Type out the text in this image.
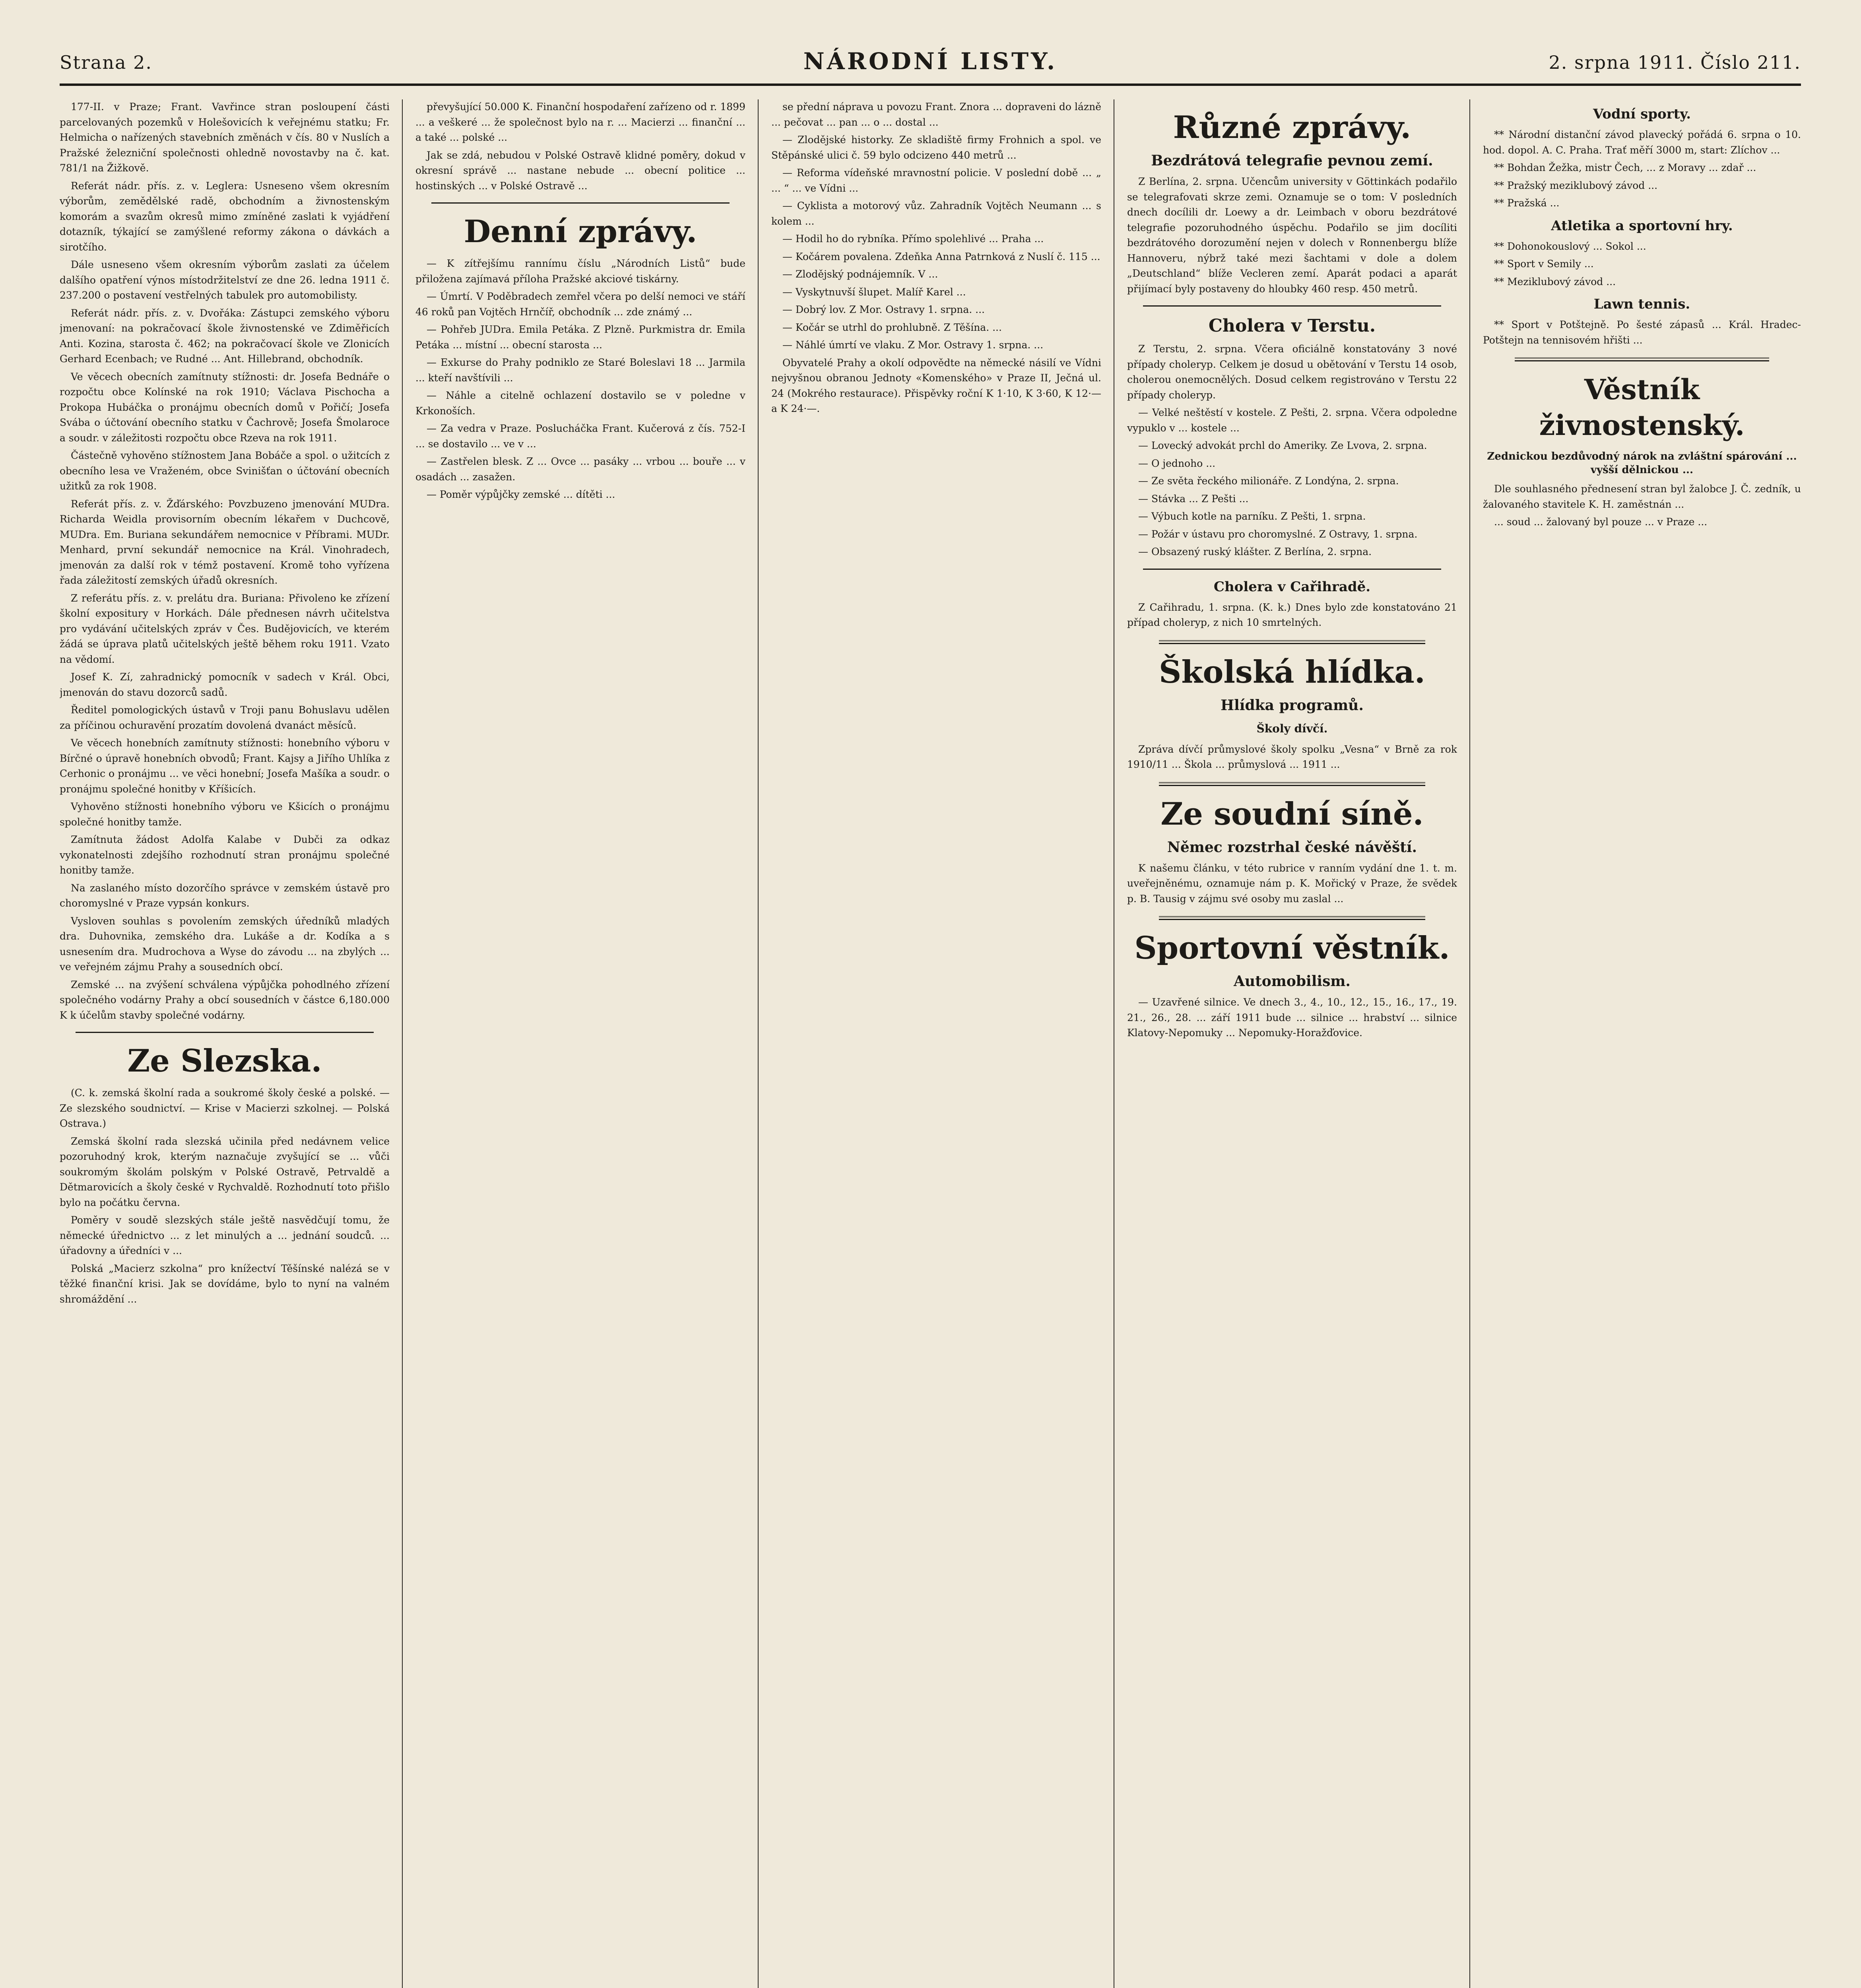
Strana 2.	NÁRODNÍ LISTY.	2. srpna 1911. Číslo 211.

177-II. v Praze; Frant. Vavřince stran posloupení části parcelovaných pozemků v Holešovicích k veřejnému statku; Fr. Helmicha o nařízených stavebních změnách v čís. 80 v Nuslích a Pražské železniční společnosti ohledně novostavby na č. kat. 781/1 na Žižkově.

Referát nádr. přís. z. v. Leglera: Usneseno všem okresním výborům, zemědělské radě, obchodním a živnostenským komorám a svazům okresů mimo zmíněné zaslati k vyjádření dotazník, týkající se zamýšlené reformy zákona o dávkách a sirotčího.

Dále usneseno všem okresním výborům zaslati za účelem dalšího opatření výnos místodržitelství ze dne 26. ledna 1911 č. 237.200 o postavení vestřelných tabulek pro automobilisty.

Referát nádr. přís. z. v. Dvořáka: Zástupci zemského výboru jmenovaní: na pokračovací škole živnostenské ve Zdiměřicích Anti. Kozina, starosta č. 462; na pokračovací škole ve Zlonicích Gerhard Ecenbach; ve Rudné ... Ant. Hillebrand, obchodník.

Ve věcech obecních zamítnuty stížnosti: dr. Josefa Bednáře o rozpočtu obce Kolínské na rok 1910; Václava Pischocha a Prokopa Hubáčka o pronájmu obecních domů v Pořičí; Josefa Svába o účtování obecního statku v Čachrově; Josefa Šmolaroce a soudr. v záležitosti rozpočtu obce Rzeva na rok 1911.

Částečně vyhověno stížnostem Jana Bobáče a spol. o užitcích z obecního lesa ve Vraženém, obce Svinišťan o účtování obecních užitků za rok 1908.

Referát přís. z. v. Žďárského: Povzbuzeno jmenování MUDra. Richarda Weidla provisorním obecním lékařem v Duchcově, MUDra. Em. Buriana sekundářem nemocnice v Příbrami. MUDr. Menhard, první sekundář nemocnice na Král. Vinohradech, jmenován za další rok v témž postavení. Kromě toho vyřízena řada záležitostí zemských úřadů okresních.

Z referátu přís. z. v. prelátu dra. Buriana: Přivoleno ke zřízení školní expositury v Horkách. Dále přednesen návrh učitelstva pro vydávání učitelských zpráv v Čes. Budějovicích, ve kterém žádá se úprava platů učitelských ještě během roku 1911. Vzato na vědomí.

Josef K. Zí, zahradnický pomocník v sadech v Král. Obci, jmenován do stavu dozorců sadů.

Ředitel pomologických ústavů v Troji panu Bohuslavu udělen za příčinou ochuravění prozatím dovolená dvanáct měsíců.

Ve věcech honebních zamítnuty stížnosti: honebního výboru v Bírčné o úpravě honebních obvodů; Frant. Kajsy a Jiřího Uhlíka z Cerhonic o pronájmu ... ve věci honební; Josefa Mašíka a soudr. o pronájmu společné honitby v Kříšicích.

Vyhověno stížnosti honebního výboru ve Kšicích o pronájmu společné honitby tamže.

Zamítnuta žádost Adolfa Kalabe v Dubči za odkaz vykonatelnosti zdejšího rozhodnutí stran pronájmu společné honitby tamže.

Na zaslaného místo dozorčího správce v zemském ústavě pro choromyslné v Praze vypsán konkurs.

Vysloven souhlas s povolením zemských úředníků mladých dra. Duhovnika, zemského dra. Lukáše a dr. Kodíka a s usnesením dra. Mudrochova a Wyse do závodu ... na zbylých ... ve veřejném zájmu Prahy a sousedních obcí.

Zemské ... na zvýšení schválena výpůjčka pohodlného zřízení společného vodárny Prahy a obcí sousedních v částce 6,180.000 K k účelům stavby společné vodárny.

Ze Slezska.

(C. k. zemská školní rada a soukromé školy české a polské. — Ze slezského soudnictví. — Krise v Macierzi szkolnej. — Polská Ostrava.)

Zemská školní rada slezská učinila před nedávnem velice pozoruhodný krok, kterým naznačuje zvyšující se ... vůči soukromým školám polským v Polské Ostravě, Petrvaldě a Dětmarovicích a školy české v Rychvaldě. Rozhodnutí toto přišlo bylo na počátku června.

Poměry v soudě slezských stále ještě nasvědčují tomu, že německé úřednictvo ... z let minulých a ... jednání soudců. ... úřadovny a úředníci v ...

Polská „Macierz szkolna“ pro knížectví Těšínské nalézá se v těžké finanční krisi. Jak se dovídáme, bylo to nyní na valném shromáždění ...

převyšující 50.000 K. Finanční hospodaření zařízeno od r. 1899 ... a veškeré ... že společnost bylo na r. ... Macierzi ... finanční ... a také ... polské ...

Jak se zdá, nebudou v Polské Ostravě klidné poměry, dokud v okresní správě ... nastane nebude ... obecní politice ... hostinských ... v Polské Ostravě ...

Denní zprávy.

— K zítřejšímu rannímu číslu „Národních Listů“ bude přiložena zajímavá příloha Pražské akciové tiskárny.

— Úmrtí. V Poděbradech zemřel včera po delší nemoci ve stáří 46 roků pan Vojtěch Hrnčíř, obchodník ... zde známý ...

— Pohřeb JUDra. Emila Petáka. Z Plzně. Purkmistra dr. Emila Petáka ... místní ... obecní starosta ...

— Exkurse do Prahy podniklo ze Staré Boleslavi 18 ... Jarmila ... kteří navštívili ...

— Náhle a citelně ochlazení dostavilo se v poledne v Krkonoších.

— Za vedra v Praze. Poslucháčka Frant. Kučerová z čís. 752-I ... se dostavilo ... ve v ...

— Zastřelen blesk. Z ... Ovce ... pasáky ... vrbou ... bouře ... v osadách ... zasažen.

— Poměr výpůjčky zemské ... dítěti ...

se přední náprava u povozu Frant. Znora ... dopraveni do lázně ... pečovat ... pan ... o ... dostal ...

— Zlodějské historky. Ze skladiště firmy Frohnich a spol. ve Stěpánské ulici č. 59 bylo odcizeno 440 metrů ...

— Reforma vídeňské mravnostní policie. V poslední době ... „ ... “ ... ve Vídni ...

— Cyklista a motorový vůz. Zahradník Vojtěch Neumann ... s kolem ...

— Hodil ho do rybníka. Přímo spolehlivé ... Praha ...

— Kočárem povalena. Zdeňka Anna Patrnková z Nuslí č. 115 ...

— Zlodějský podnájemník. V ...

— Vyskytnuvší šlupet. Malíř Karel ...

— Dobrý lov. Z Mor. Ostravy 1. srpna. ...

— Kočár se utrhl do prohlubně. Z Těšína. ...

— Náhlé úmrtí ve vlaku. Z Mor. Ostravy 1. srpna. ...

Obyvatelé Prahy a okolí odpovědte na německé násilí ve Vídni nejvyšnou obranou Jednoty «Komenského» v Praze II, Ječná ul. 24 (Mokrého restaurace). Přispěvky roční K 1·10, K 3·60, K 12·— a K 24·—.

Různé zprávy.
Bezdrátová telegrafie pevnou zemí.

Z Berlína, 2. srpna. Učencům university v Göttinkách podařilo se telegrafovati skrze zemi. Oznamuje se o tom: V posledních dnech docílili dr. Loewy a dr. Leimbach v oboru bezdrátové telegrafie pozoruhodného úspěchu. Podařilo se jim docíliti bezdrátového dorozumění nejen v dolech v Ronnenbergu blíže Hannoveru, nýbrž také mezi šachtami v dole a dolem „Deutschland“ blíže Vecleren zemí. Aparát podaci a aparát přijímací byly postaveny do hloubky 460 resp. 450 metrů.

Cholera v Terstu.

Z Terstu, 2. srpna. Včera oficiálně konstatovány 3 nové případy choleryp. Celkem je dosud u obětování v Terstu 14 osob, cholerou onemocnělých. Dosud celkem registrováno v Terstu 22 případy choleryp.

— Velké neštěstí v kostele. Z Pešti, 2. srpna. Včera odpoledne vypuklo v ... kostele ...

— Lovecký advokát prchl do Ameriky. Ze Lvova, 2. srpna.

— O jednoho ...

— Ze světa řeckého milionáře. Z Londýna, 2. srpna.

— Stávka ... Z Pešti ...

— Výbuch kotle na parníku. Z Pešti, 1. srpna.

— Požár v ústavu pro choromyslné. Z Ostravy, 1. srpna.

— Obsazený ruský klášter. Z Berlína, 2. srpna.

Cholera v Cařihradě.

Z Cařihradu, 1. srpna. (K. k.) Dnes bylo zde konstatováno 21 případ choleryp, z nich 10 smrtelných.

Školská hlídka.
Hlídka programů.
Školy dívčí.

Zpráva dívčí průmyslové školy spolku „Vesna“ v Brně za rok 1910/11 ... Škola ... průmyslová ... 1911 ...

Ze soudní síně.
Němec rozstrhal české návěští.

K našemu článku, v této rubrice v ranním vydání dne 1. t. m. uveřejněnému, oznamuje nám p. K. Mořický v Praze, že svědek p. B. Tausig v zájmu své osoby mu zaslal ...

Sportovní věstník.
Automobilism.

— Uzavřené silnice. Ve dnech 3., 4., 10., 12., 15., 16., 17., 19. 21., 26., 28. ... září 1911 bude ... silnice ... hrabství ... silnice Klatovy-Nepomuky ... Nepomuky-Horažďovice.

Vodní sporty.

** Národní distanční závod plavecký pořádá 6. srpna o 10. hod. dopol. A. C. Praha. Trať měří 3000 m, start: Zlíchov ...

** Bohdan Žežka, mistr Čech, ... z Moravy ... zdař ...

** Pražský meziklubový závod ...

** Pražská ...

Atletika a sportovní hry.

** Dohonokouslový ... Sokol ...

** Sport v Semily ...

** Meziklubový závod ...

Lawn tennis.

** Sport v Potštejně. Po šesté zápasů ... Král. Hradec-Potštejn na tennisovém hřišti ...

Věstník živnostenský.
Zednickou bezdůvodný nárok na zvláštní spárování ... vyšší dělnickou ...

Dle souhlasného přednesení stran byl žalobce J. Č. zedník, u žalovaného stavitele K. H. zaměstnán ...

... soud ... žalovaný byl pouze ... v Praze ...
